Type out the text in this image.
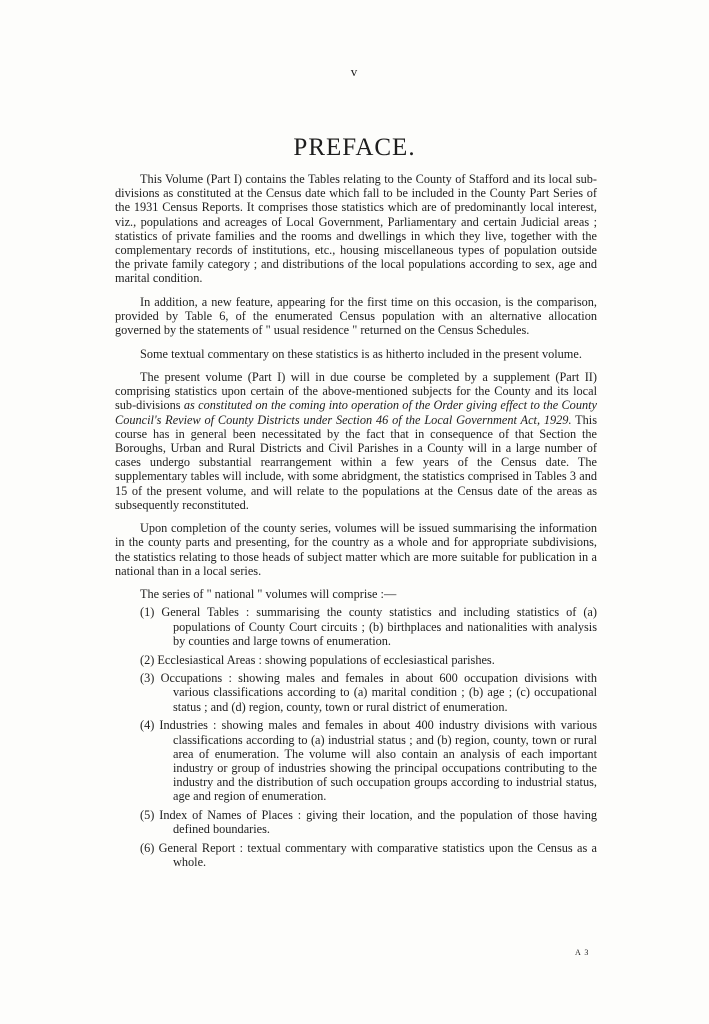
v
PREFACE.

This Volume (Part I) contains the Tables relating to the County of Stafford and its local sub-divisions as constituted at the Census date which fall to be included in the County Part Series of the 1931 Census Reports. It comprises those statistics which are of predominantly local interest, viz., populations and acreages of Local Government, Parliamentary and certain Judicial areas ; statistics of private families and the rooms and dwellings in which they live, together with the complementary records of institutions, etc., housing miscellaneous types of population outside the private family category ; and distributions of the local populations according to sex, age and marital condition.

In addition, a new feature, appearing for the first time on this occasion, is the comparison, provided by Table 6, of the enumerated Census population with an alternative allocation governed by the statements of " usual residence " returned on the Census Schedules.

Some textual commentary on these statistics is as hitherto included in the present volume.

The present volume (Part I) will in due course be completed by a supplement (Part II) comprising statistics upon certain of the above-mentioned subjects for the County and its local sub-divisions as constituted on the coming into operation of the Order giving effect to the County Council's Review of County Districts under Section 46 of the Local Government Act, 1929. This course has in general been necessitated by the fact that in consequence of that Section the Boroughs, Urban and Rural Districts and Civil Parishes in a County will in a large number of cases undergo substantial rearrangement within a few years of the Census date. The supplementary tables will include, with some abridgment, the statistics comprised in Tables 3 and 15 of the present volume, and will relate to the populations at the Census date of the areas as subsequently reconstituted.

Upon completion of the county series, volumes will be issued summarising the information in the county parts and presenting, for the country as a whole and for appropriate subdivisions, the statistics relating to those heads of subject matter which are more suitable for publication in a national than in a local series.

The series of " national " volumes will comprise :—

(1) General Tables : summarising the county statistics and including statistics of (a) populations of County Court circuits ; (b) birthplaces and nationalities with analysis by counties and large towns of enumeration.

(2) Ecclesiastical Areas : showing populations of ecclesiastical parishes.

(3) Occupations : showing males and females in about 600 occupation divisions with various classifications according to (a) marital condition ; (b) age ; (c) occupational status ; and (d) region, county, town or rural district of enumeration.

(4) Industries : showing males and females in about 400 industry divisions with various classifications according to (a) industrial status ; and (b) region, county, town or rural area of enumeration. The volume will also contain an analysis of each important industry or group of industries showing the principal occupations contributing to the industry and the distribution of such occupation groups according to industrial status, age and region of enumeration.

(5) Index of Names of Places : giving their location, and the population of those having defined boundaries.

(6) General Report : textual commentary with comparative statistics upon the Census as a whole.

A 3
